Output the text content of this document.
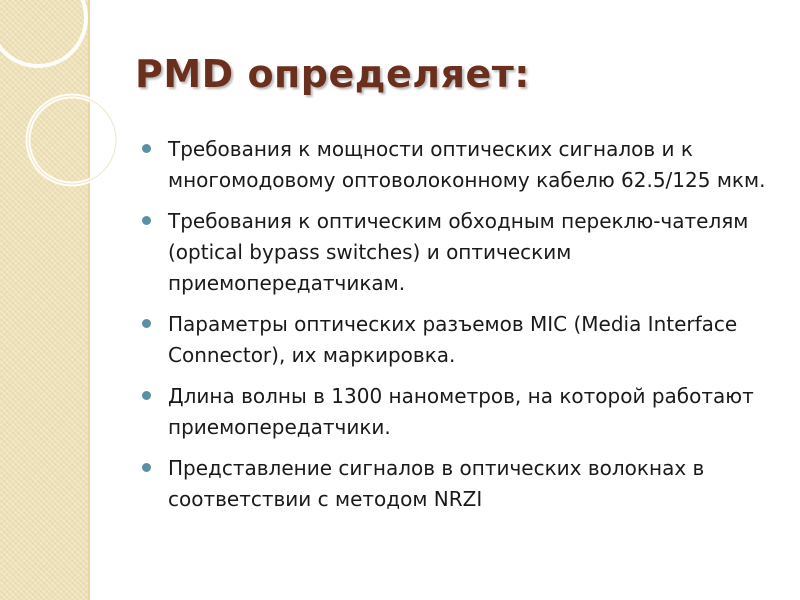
PMD определяет:
Требования к мощности оптических сигналов и к многомодовому оптоволоконному кабелю 62.5/125 мкм.
Требования к оптическим обходным переклю-чателям (optical bypass switches) и оптическим приемопередатчикам.
Параметры оптических разъемов MIC (Media Interface Connector), их маркировка.
Длина волны в 1300 нанометров, на которой работают приемопередатчики.
Представление сигналов в оптических волокнах в соответствии с методом NRZI
